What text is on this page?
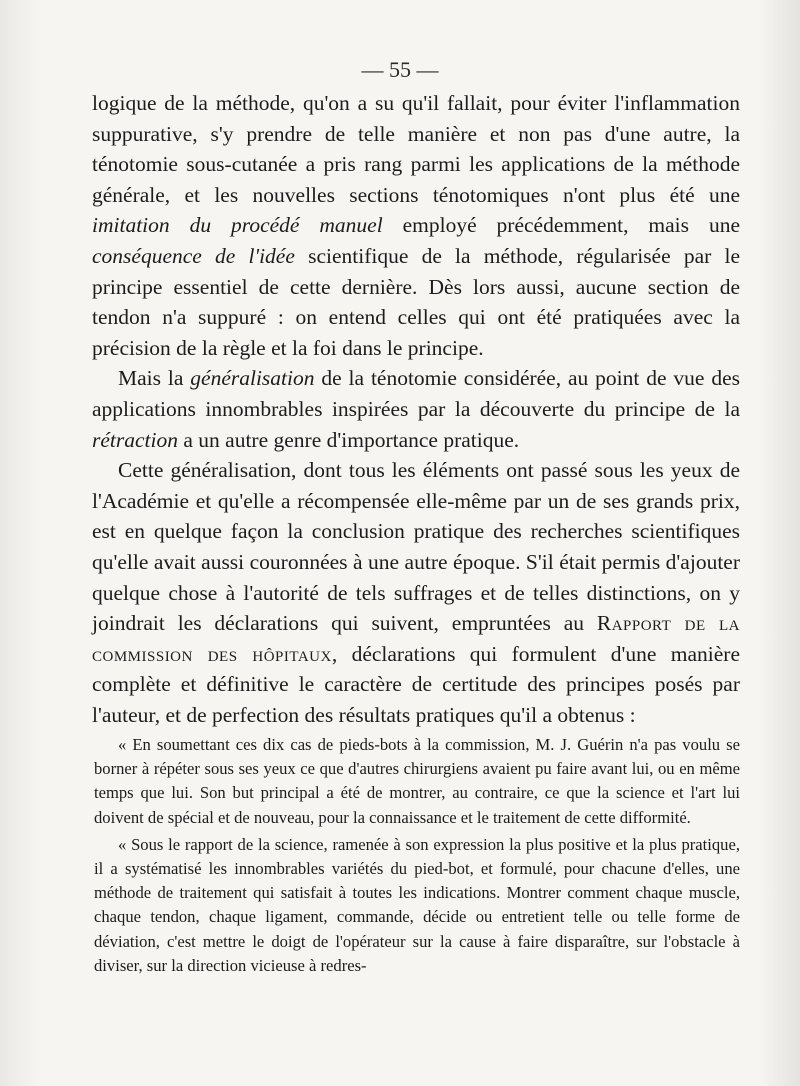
— 55 —

logique de la méthode, qu'on a su qu'il fallait, pour éviter l'inflammation suppurative, s'y prendre de telle manière et non pas d'une autre, la ténotomie sous-cutanée a pris rang parmi les applications de la méthode générale, et les nouvelles sections ténotomiques n'ont plus été une imitation du procédé manuel employé précédemment, mais une conséquence de l'idée scientifique de la méthode, régularisée par le principe essentiel de cette dernière. Dès lors aussi, aucune section de tendon n'a suppuré : on entend celles qui ont été pratiquées avec la précision de la règle et la foi dans le principe.

Mais la généralisation de la ténotomie considérée, au point de vue des applications innombrables inspirées par la découverte du principe de la rétraction a un autre genre d'importance pratique.

Cette généralisation, dont tous les éléments ont passé sous les yeux de l'Académie et qu'elle a récompensée elle-même par un de ses grands prix, est en quelque façon la conclusion pratique des recherches scientifiques qu'elle avait aussi couronnées à une autre époque. S'il était permis d'ajouter quelque chose à l'autorité de tels suffrages et de telles distinctions, on y joindrait les déclarations qui suivent, empruntées au Rapport de la commission des hôpitaux, déclarations qui formulent d'une manière complète et définitive le caractère de certitude des principes posés par l'auteur, et de perfection des résultats pratiques qu'il a obtenus :

« En soumettant ces dix cas de pieds-bots à la commission, M. J. Guérin n'a pas voulu se borner à répéter sous ses yeux ce que d'autres chirurgiens avaient pu faire avant lui, ou en même temps que lui. Son but principal a été de montrer, au contraire, ce que la science et l'art lui doivent de spécial et de nouveau, pour la connaissance et le traitement de cette difformité.

« Sous le rapport de la science, ramenée à son expression la plus positive et la plus pratique, il a systématisé les innombrables variétés du pied-bot, et formulé, pour chacune d'elles, une méthode de traitement qui satisfait à toutes les indications. Montrer comment chaque muscle, chaque tendon, chaque ligament, commande, décide ou entretient telle ou telle forme de déviation, c'est mettre le doigt de l'opérateur sur la cause à faire disparaître, sur l'obstacle à diviser, sur la direction vicieuse à redres-
